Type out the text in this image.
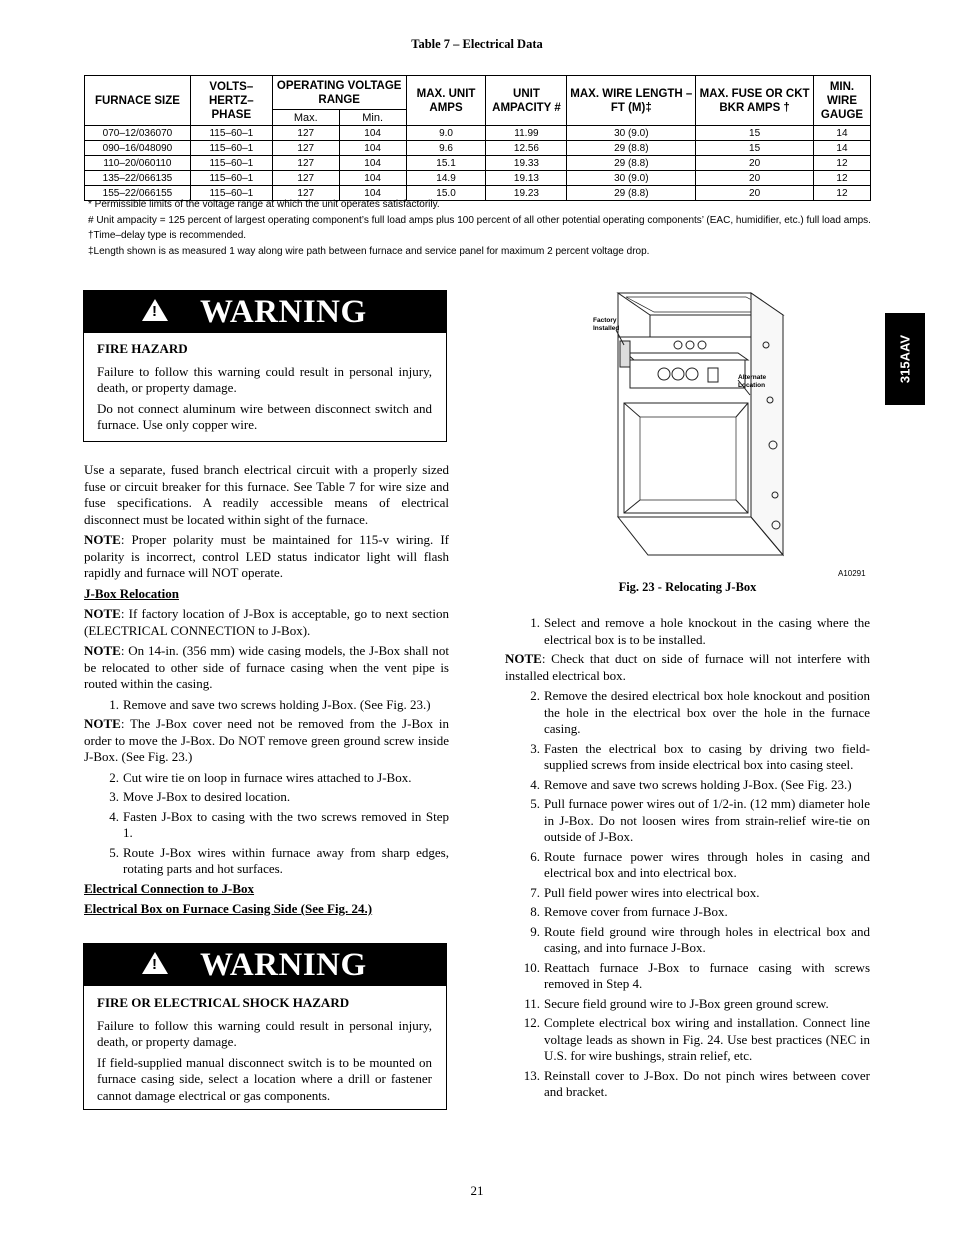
Table 7 – Electrical Data
FURNACE SIZE	VOLTS– HERTZ– PHASE	OPERATING VOLTAGE RANGE		MAX. UNIT AMPS	UNIT AMPACITY #	MAX. WIRE LENGTH – FT (M)‡	MAX. FUSE OR CKT BKR AMPS †	MIN. WIRE GAUGE
		Max.	Min.					
070–12/036070	115–60–1	127	104	9.0	11.99	30 (9.0)	15	14
090–16/048090	115–60–1	127	104	9.6	12.56	29 (8.8)	15	14
110–20/060110	115–60–1	127	104	15.1	19.33	29 (8.8)	20	12
135–22/066135	115–60–1	127	104	14.9	19.13	30 (9.0)	20	12
155–22/066155	115–60–1	127	104	15.0	19.23	29 (8.8)	20	12

* Permissible limits of the voltage range at which the unit operates satisfactorily.

# Unit ampacity = 125 percent of largest operating component’s full load amps plus 100 percent of all other potential operating components’ (EAC, humidifier, etc.) full load amps.

†Time–delay type is recommended.

‡Length shown is as measured 1 way along wire path between furnace and service panel for maximum 2 percent voltage drop.

! WARNING
FIRE HAZARD

Failure to follow this warning could result in personal injury, death, or property damage.

Do not connect aluminum wire between disconnect switch and furnace. Use only copper wire.

Use a separate, fused branch electrical circuit with a properly sized fuse or circuit breaker for this furnace. See Table 7 for wire size and fuse specifications. A readily accessible means of electrical disconnect must be located within sight of the furnace.

NOTE: Proper polarity must be maintained for 115-v wiring. If polarity is incorrect, control LED status indicator light will flash rapidly and furnace will NOT operate.

J-Box Relocation

NOTE: If factory location of J-Box is acceptable, go to next section (ELECTRICAL CONNECTION to J-Box).

NOTE: On 14-in. (356 mm) wide casing models, the J-Box shall not be relocated to other side of furnace casing when the vent pipe is routed within the casing.

1. Remove and save two screws holding J-Box. (See Fig. 23.)

NOTE: The J-Box cover need not be removed from the J-Box in order to move the J-Box. Do NOT remove green ground screw inside J-Box. (See Fig. 23.)

2. Cut wire tie on loop in furnace wires attached to J-Box.
3. Move J-Box to desired location.
4. Fasten J-Box to casing with the two screws removed in Step 1.
5. Route J-Box wires within furnace away from sharp edges, rotating parts and hot surfaces.

Electrical Connection to J-Box

Electrical Box on Furnace Casing Side (See Fig. 24.)

! WARNING
FIRE OR ELECTRICAL SHOCK HAZARD

Failure to follow this warning could result in personal injury, death, or property damage.

If field-supplied manual disconnect switch is to be mounted on furnace casing side, select a location where a drill or fastener cannot damage electrical or gas components.

315AAV
Factory Installed
Alternate Location
A10291
Fig. 23 - Relocating J-Box
1. Select and remove a hole knockout in the casing where the electrical box is to be installed.

NOTE: Check that duct on side of furnace will not interfere with installed electrical box.

2. Remove the desired electrical box hole knockout and position the hole in the electrical box over the hole in the furnace casing.
3. Fasten the electrical box to casing by driving two field-supplied screws from inside electrical box into casing steel.
4. Remove and save two screws holding J-Box. (See Fig. 23.)
5. Pull furnace power wires out of 1/2-in. (12 mm) diameter hole in J-Box. Do not loosen wires from strain-relief wire-tie on outside of J-Box.
6. Route furnace power wires through holes in casing and electrical box and into electrical box.
7. Pull field power wires into electrical box.
8. Remove cover from furnace J-Box.
9. Route field ground wire through holes in electrical box and casing, and into furnace J-Box.
10. Reattach furnace J-Box to furnace casing with screws removed in Step 4.
11. Secure field ground wire to J-Box green ground screw.
12. Complete electrical box wiring and installation. Connect line voltage leads as shown in Fig. 24. Use best practices (NEC in U.S. for wire bushings, strain relief, etc.
13. Reinstall cover to J-Box. Do not pinch wires between cover and bracket.
21
